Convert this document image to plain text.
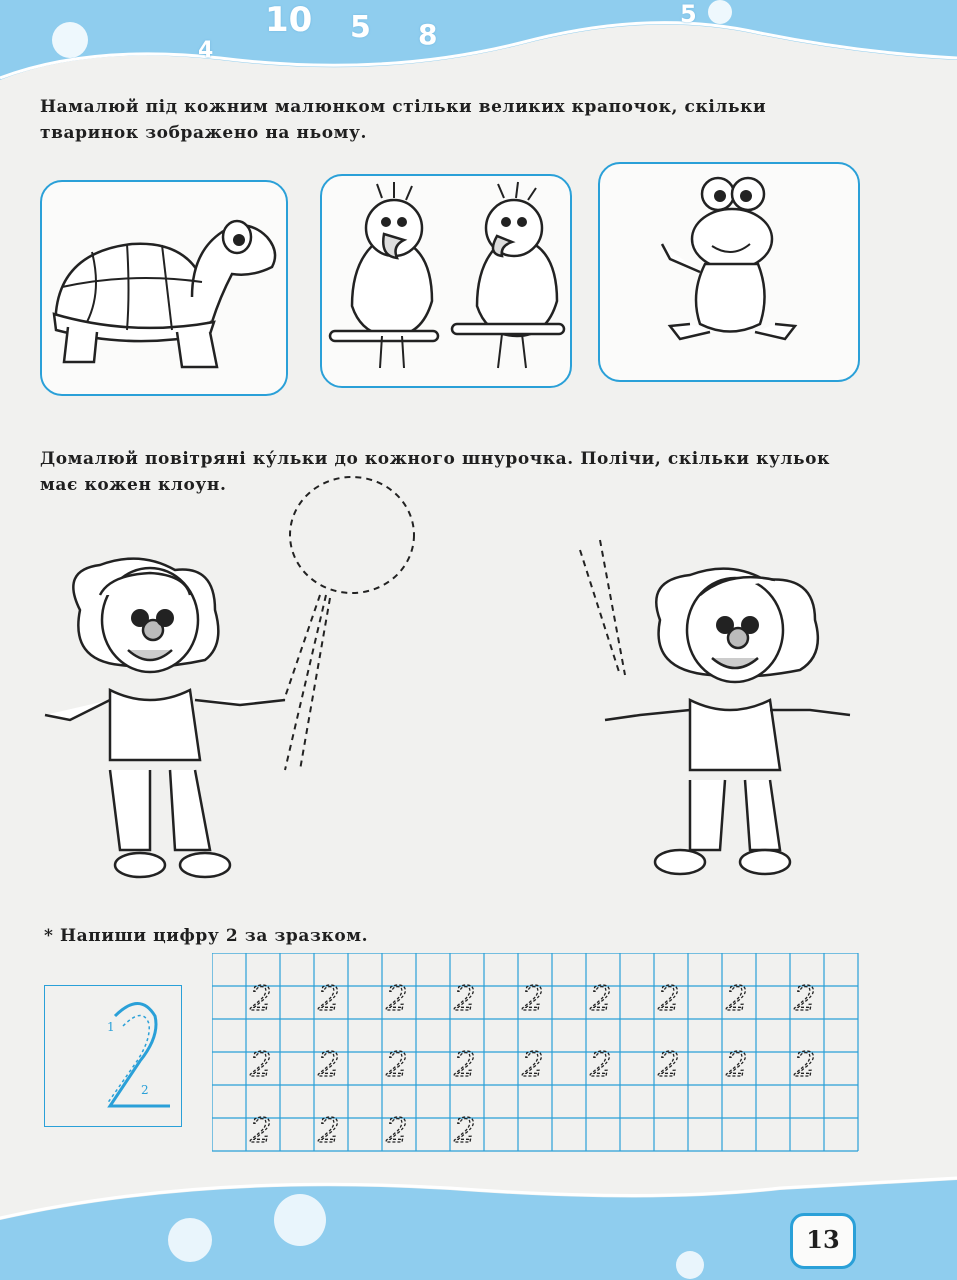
4
10 5 8
5

Намалюй під кожним малюнком стільки великих крапочок, скільки тваринок зображено на ньому.

Домалюй повітряні ку́льки до кожного шнурочка. Полічи, скільки кульок має кожен клоун.

* Напиши цифру 2 за зразком.

1
2
2 2 2 2 2 2 2 2 2
2 2 2 2 2 2 2 2 2
2 2 2 2
13
